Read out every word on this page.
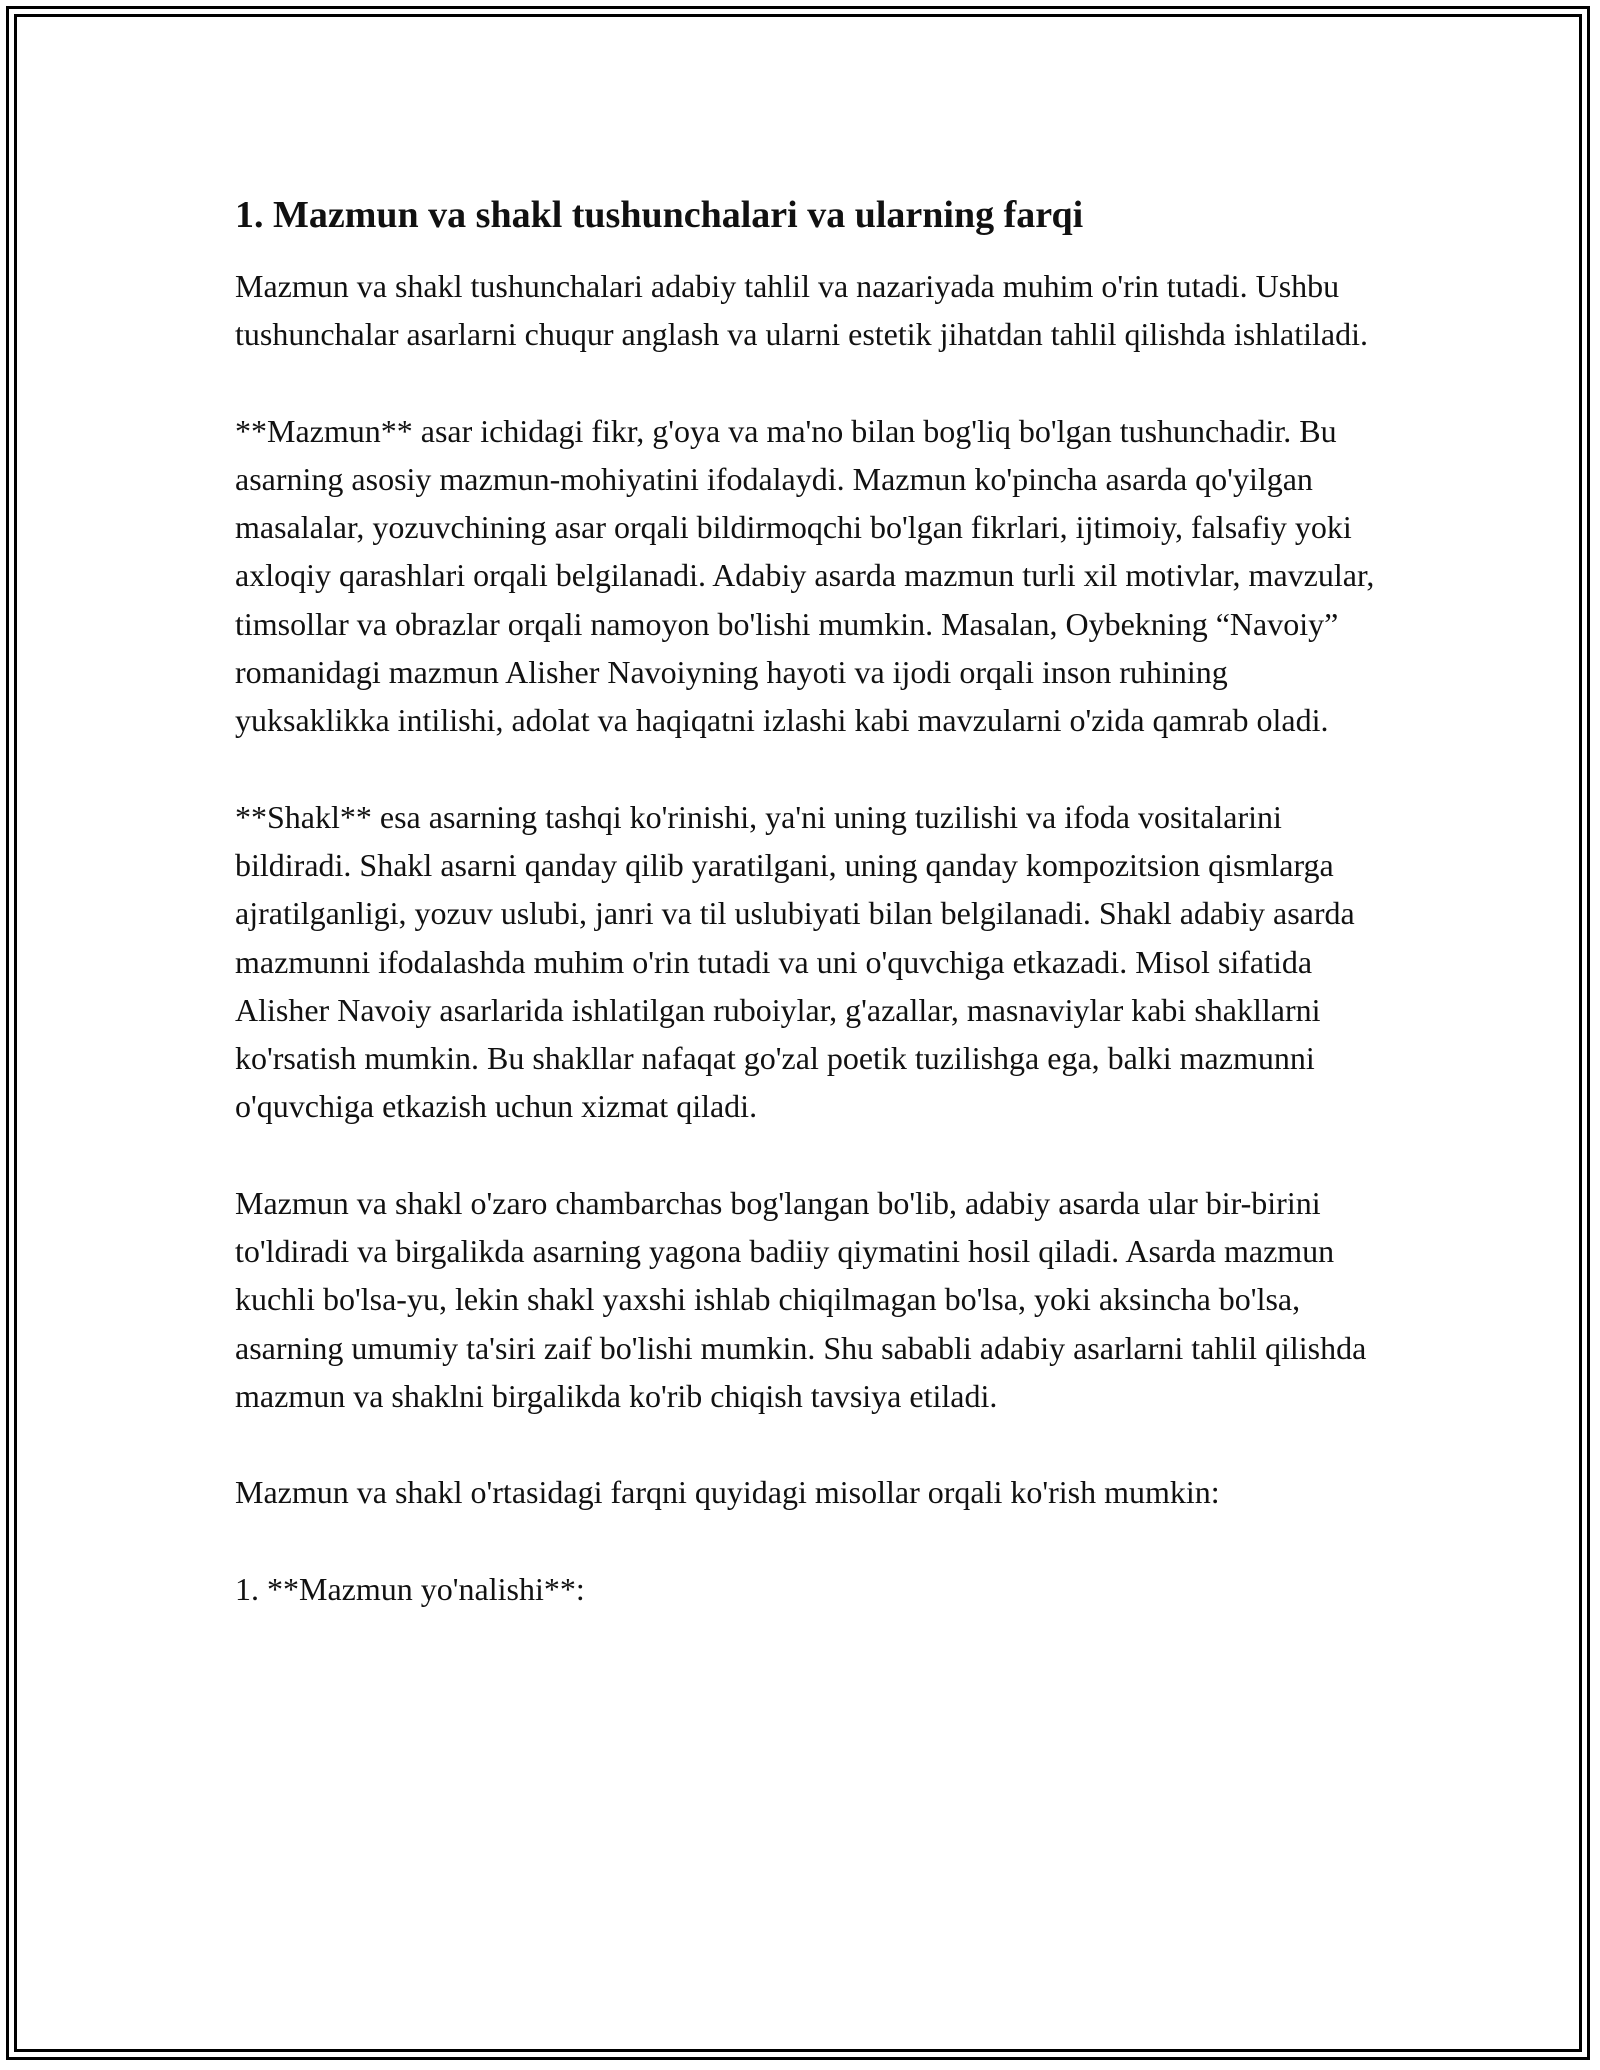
1. Mazmun va shakl tushunchalari va ularning farqi

Mazmun va shakl tushunchalari adabiy tahlil va nazariyada muhim o'rin tutadi. Ushbu tushunchalar asarlarni chuqur anglash va ularni estetik jihatdan tahlil qilishda ishlatiladi.

**Mazmun** asar ichidagi fikr, g'oya va ma'no bilan bog'liq bo'lgan tushunchadir. Bu asarning asosiy mazmun-mohiyatini ifodalaydi. Mazmun ko'pincha asarda qo'yilgan masalalar, yozuvchining asar orqali bildirmoqchi bo'lgan fikrlari, ijtimoiy, falsafiy yoki axloqiy qarashlari orqali belgilanadi. Adabiy asarda mazmun turli xil motivlar, mavzular, timsollar va obrazlar orqali namoyon bo'lishi mumkin. Masalan, Oybekning “Navoiy” romanidagi mazmun Alisher Navoiyning hayoti va ijodi orqali inson ruhining yuksaklikka intilishi, adolat va haqiqatni izlashi kabi mavzularni o'zida qamrab oladi.

**Shakl** esa asarning tashqi ko'rinishi, ya'ni uning tuzilishi va ifoda vositalarini bildiradi. Shakl asarni qanday qilib yaratilgani, uning qanday kompozitsion qismlarga ajratilganligi, yozuv uslubi, janri va til uslubiyati bilan belgilanadi. Shakl adabiy asarda mazmunni ifodalashda muhim o'rin tutadi va uni o'quvchiga etkazadi. Misol sifatida Alisher Navoiy asarlarida ishlatilgan ruboiylar, g'azallar, masnaviylar kabi shakllarni ko'rsatish mumkin. Bu shakllar nafaqat go'zal poetik tuzilishga ega, balki mazmunni o'quvchiga etkazish uchun xizmat qiladi.

Mazmun va shakl o'zaro chambarchas bog'langan bo'lib, adabiy asarda ular bir-birini to'ldiradi va birgalikda asarning yagona badiiy qiymatini hosil qiladi. Asarda mazmun kuchli bo'lsa-yu, lekin shakl yaxshi ishlab chiqilmagan bo'lsa, yoki aksincha bo'lsa, asarning umumiy ta'siri zaif bo'lishi mumkin. Shu sababli adabiy asarlarni tahlil qilishda mazmun va shaklni birgalikda ko'rib chiqish tavsiya etiladi.

Mazmun va shakl o'rtasidagi farqni quyidagi misollar orqali ko'rish mumkin:

1. **Mazmun yo'nalishi**:
